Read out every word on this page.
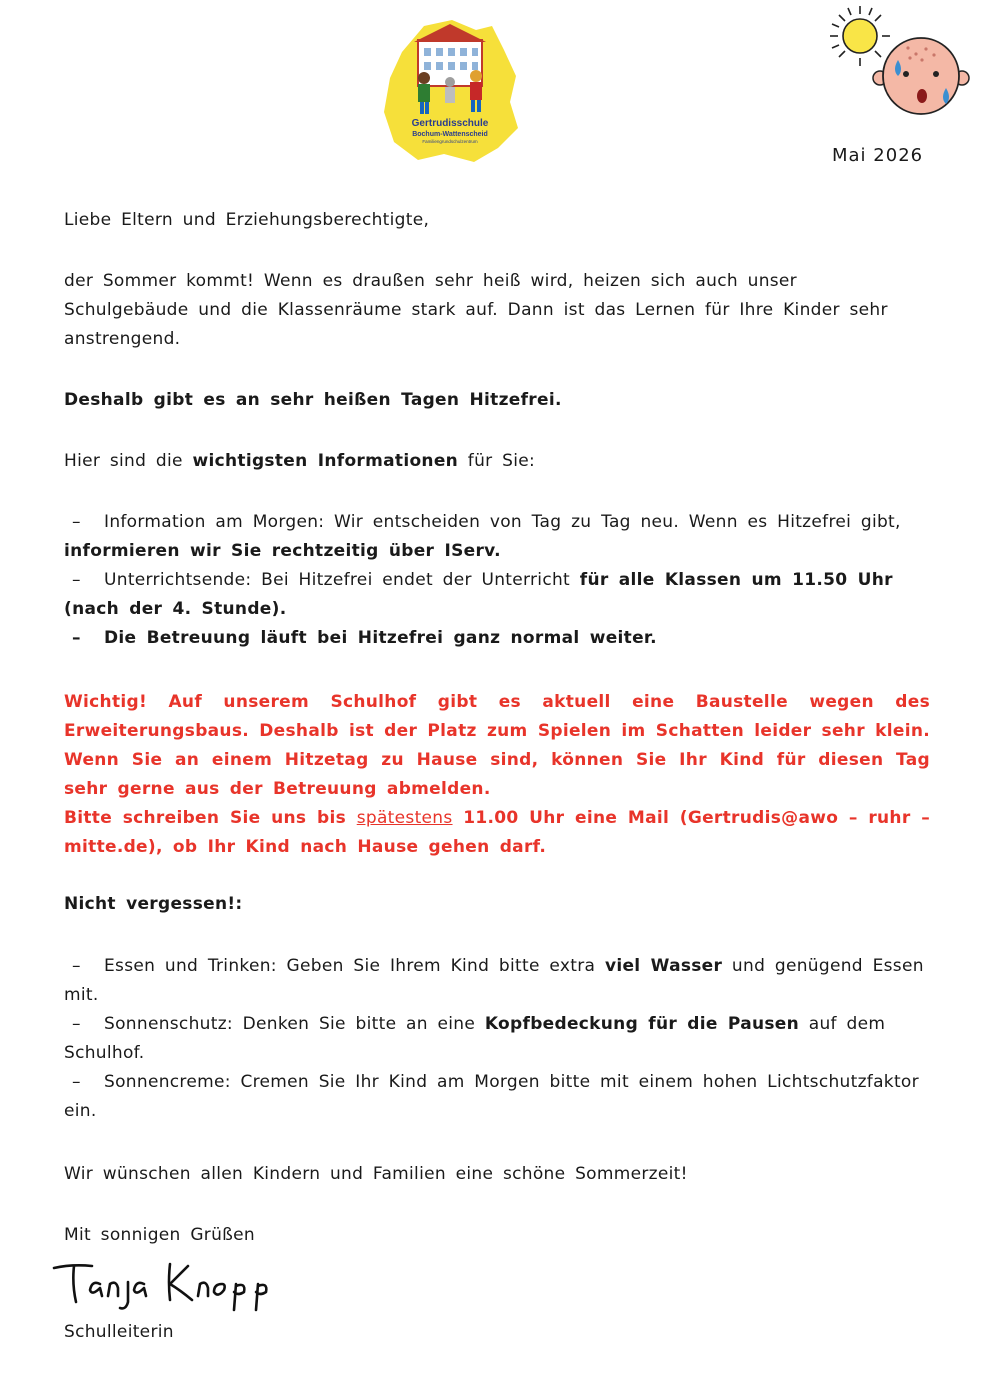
Gertrudisschule
Bochum-Wattenscheid
Familiengrundschulzentrum
Mai 2026
Liebe Eltern und Erziehungsberechtigte,
der Sommer kommt! Wenn es draußen sehr heiß wird, heizen sich auch unser Schulgebäude und die Klassenräume stark auf. Dann ist das Lernen für Ihre Kinder sehr anstrengend.
Deshalb gibt es an sehr heißen Tagen Hitzefrei.
Hier sind die wichtigsten Informationen für Sie:
– Information am Morgen: Wir entscheiden von Tag zu Tag neu. Wenn es Hitzefrei gibt, informieren wir Sie rechtzeitig über IServ.
– Unterrichtsende: Bei Hitzefrei endet der Unterricht für alle Klassen um 11.50 Uhr (nach der 4. Stunde).
– Die Betreuung läuft bei Hitzefrei ganz normal weiter.
Wichtig! Auf unserem Schulhof gibt es aktuell eine Baustelle wegen des Erweiterungsbaus. Deshalb ist der Platz zum Spielen im Schatten leider sehr klein. Wenn Sie an einem Hitzetag zu Hause sind, können Sie Ihr Kind für diesen Tag sehr gerne aus der Betreuung abmelden.
Bitte schreiben Sie uns bis spätestens 11.00 Uhr eine Mail (Gertrudis@awo – ruhr – mitte.de), ob Ihr Kind nach Hause gehen darf.
Nicht vergessen!:
– Essen und Trinken: Geben Sie Ihrem Kind bitte extra viel Wasser und genügend Essen mit.
– Sonnenschutz: Denken Sie bitte an eine Kopfbedeckung für die Pausen auf dem Schulhof.
– Sonnencreme: Cremen Sie Ihr Kind am Morgen bitte mit einem hohen Lichtschutzfaktor ein.
Wir wünschen allen Kindern und Familien eine schöne Sommerzeit!
Mit sonnigen Grüßen
Schulleiterin
